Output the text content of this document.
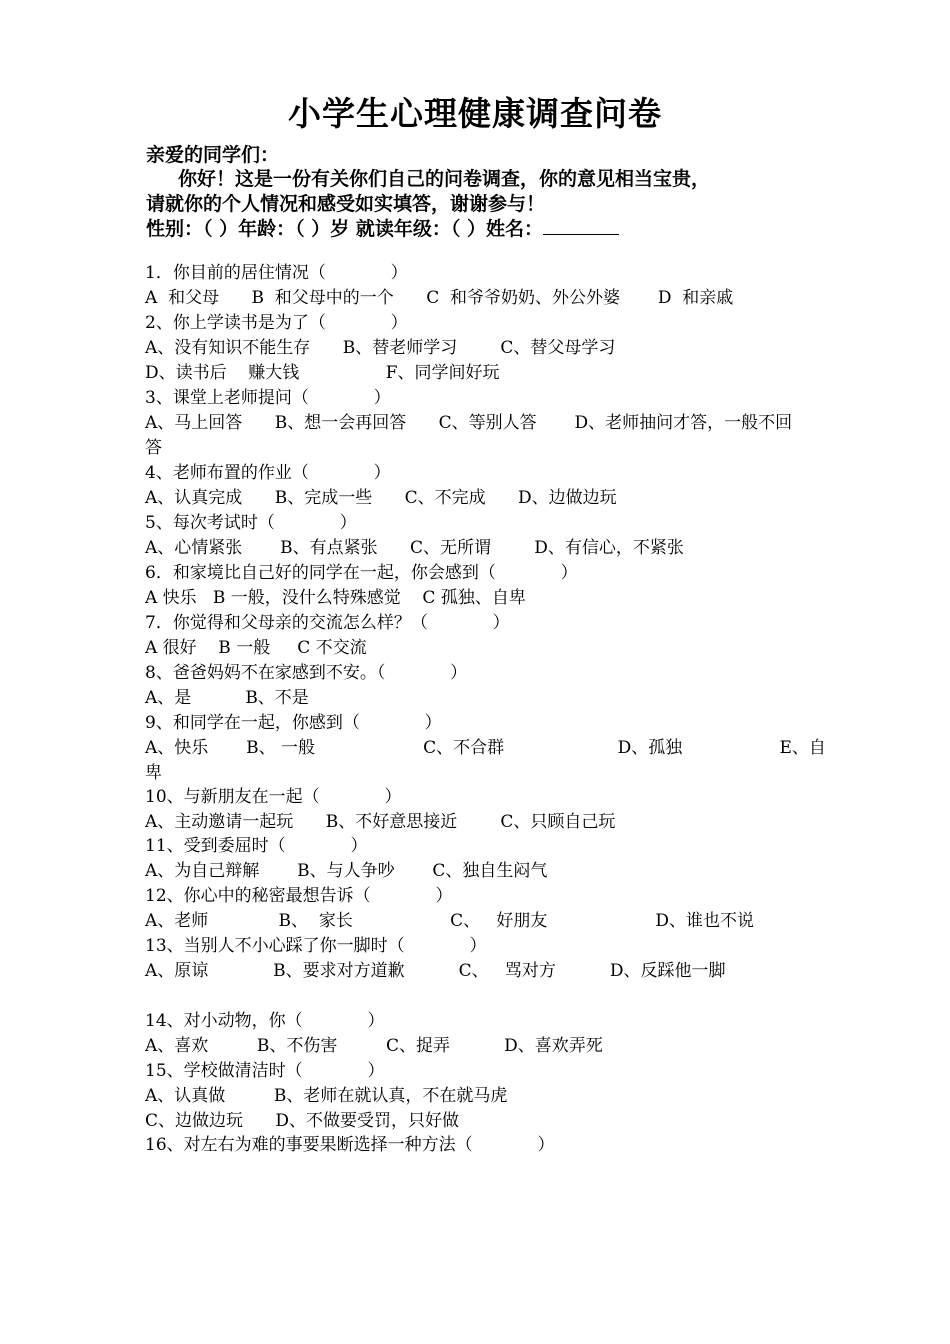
小学生心理健康调查问卷
亲爱的同学们：
你好！这是一份有关你们自己的问卷调查，你的意见相当宝贵，
请就你的个人情况和感受如实填答，谢谢参与！
性别：（ ）年龄：（ ）岁 就读年级：（ ）姓名：
1．你目前的居住情况（            ）
A  和父母      B  和父母中的一个      C  和爷爷奶奶、外公外婆       D  和亲戚
2、你上学读书是为了（            ）
A、没有知识不能生存      B、替老师学习        C、替父母学习
D、读书后    赚大钱                F、同学间好玩
3、课堂上老师提问（            ）
A、马上回答      B、想一会再回答      C、等别人答       D、老师抽问才答，一般不回
答
4、老师布置的作业（            ）
A、认真完成      B、完成一些      C、不完成      D、边做边玩
5、每次考试时（            ）
A、心情紧张       B、有点紧张      C、无所谓        D、有信心，不紧张
6．和家境比自己好的同学在一起，你会感到（            ）
A 快乐   B 一般，没什么特殊感觉    C 孤独、自卑
7．你觉得和父母亲的交流怎么样？（            ）
A 很好    B 一般     C 不交流
8、爸爸妈妈不在家感到不安。（            ）
A、是          B、不是
9、和同学在一起，你感到（            ）
A、快乐       B、 一般                    C、不合群                     D、孤独                  E、自
卑
10、与新朋友在一起（            ）
A、主动邀请一起玩      B、不好意思接近        C、只顾自己玩
11、受到委屈时（            ）
A、为自己辩解       B、与人争吵       C、独自生闷气
12、你心中的秘密最想告诉（            ）
A、老师             B、  家长                  C、   好朋友                    D、谁也不说
13、当别人不小心踩了你一脚时（            ）
A、原谅            B、要求对方道歉          C、   骂对方          D、反踩他一脚
14、对小动物，你（            ）
A、喜欢         B、不伤害         C、捉弄          D、喜欢弄死
15、学校做清洁时（            ）
A、认真做         B、老师在就认真，不在就马虎
C、边做边玩      D、不做要受罚，只好做
16、对左右为难的事要果断选择一种方法（            ）
